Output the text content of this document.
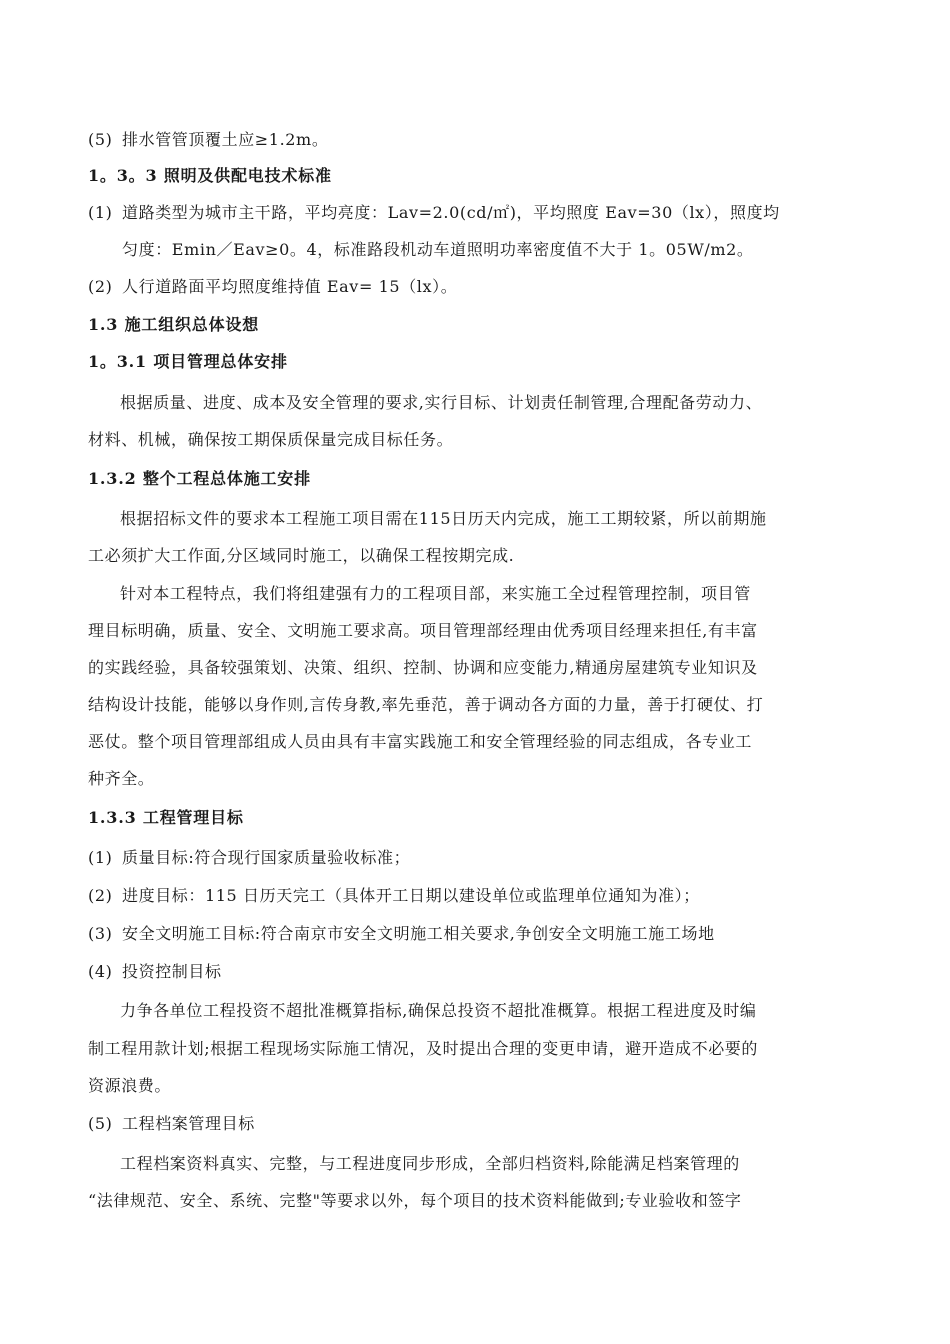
(5) 排水管管顶覆土应≥1.2m。
1。3。3 照明及供配电技术标准
(1) 道路类型为城市主干路，平均亮度：Lav=2.0(cd/㎡)，平均照度 Eav=30（lx），照度均
匀度：Emin／Eav≥0。4，标准路段机动车道照明功率密度值不大于 1。05W/m2。
(2) 人行道路面平均照度维持值 Eav= 15（lx）。
1.3 施工组织总体设想
1。3.1 项目管理总体安排
根据质量、进度、成本及安全管理的要求,实行目标、计划责任制管理,合理配备劳动力、
材料、机械，确保按工期保质保量完成目标任务。
1.3.2 整个工程总体施工安排
根据招标文件的要求本工程施工项目需在115日历天内完成，施工工期较紧，所以前期施
工必须扩大工作面,分区域同时施工，以确保工程按期完成.
针对本工程特点，我们将组建强有力的工程项目部，来实施工全过程管理控制，项目管
理目标明确，质量、安全、文明施工要求高。项目管理部经理由优秀项目经理来担任,有丰富
的实践经验，具备较强策划、决策、组织、控制、协调和应变能力,精通房屋建筑专业知识及
结构设计技能，能够以身作则,言传身教,率先垂范，善于调动各方面的力量，善于打硬仗、打
恶仗。整个项目管理部组成人员由具有丰富实践施工和安全管理经验的同志组成，各专业工
种齐全。
1.3.3 工程管理目标
(1) 质量目标:符合现行国家质量验收标准；
(2) 进度目标：115 日历天完工（具体开工日期以建设单位或监理单位通知为准）；
(3) 安全文明施工目标:符合南京市安全文明施工相关要求,争创安全文明施工施工场地
(4) 投资控制目标
力争各单位工程投资不超批准概算指标,确保总投资不超批准概算。根据工程进度及时编
制工程用款计划;根据工程现场实际施工情况，及时提出合理的变更申请，避开造成不必要的
资源浪费。
(5) 工程档案管理目标
工程档案资料真实、完整，与工程进度同步形成，全部归档资料,除能满足档案管理的
“法律规范、安全、系统、完整"等要求以外，每个项目的技术资料能做到;专业验收和签字
